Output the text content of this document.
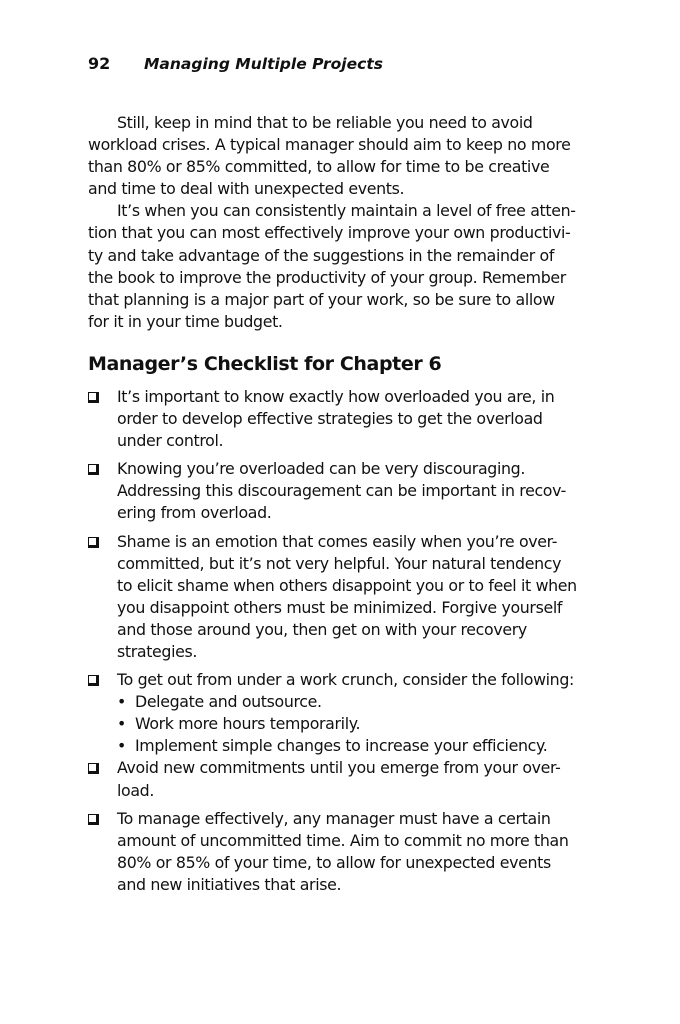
92 Managing Multiple Projects

Still, keep in mind that to be reliable you need to avoid
workload crises. A typical manager should aim to keep no more
than 80% or 85% committed, to allow for time to be creative
and time to deal with unexpected events.

It’s when you can consistently maintain a level of free atten-
tion that you can most effectively improve your own productivi-
ty and take advantage of the suggestions in the remainder of
the book to improve the productivity of your group. Remember
that planning is a major part of your work, so be sure to allow
for it in your time budget.

Manager’s Checklist for Chapter 6
It’s important to know exactly how overloaded you are, in
order to develop effective strategies to get the overload
under control.
Knowing you’re overloaded can be very discouraging.
Addressing this discouragement can be important in recov-
ering from overload.
Shame is an emotion that comes easily when you’re over-
committed, but it’s not very helpful. Your natural tendency
to elicit shame when others disappoint you or to feel it when
you disappoint others must be minimized. Forgive yourself
and those around you, then get on with your recovery
strategies.
To get out from under a work crunch, consider the following:
• Delegate and outsource.
• Work more hours temporarily.
• Implement simple changes to increase your efficiency.
Avoid new commitments until you emerge from your over-
load.
To manage effectively, any manager must have a certain
amount of uncommitted time. Aim to commit no more than
80% or 85% of your time, to allow for unexpected events
and new initiatives that arise.
